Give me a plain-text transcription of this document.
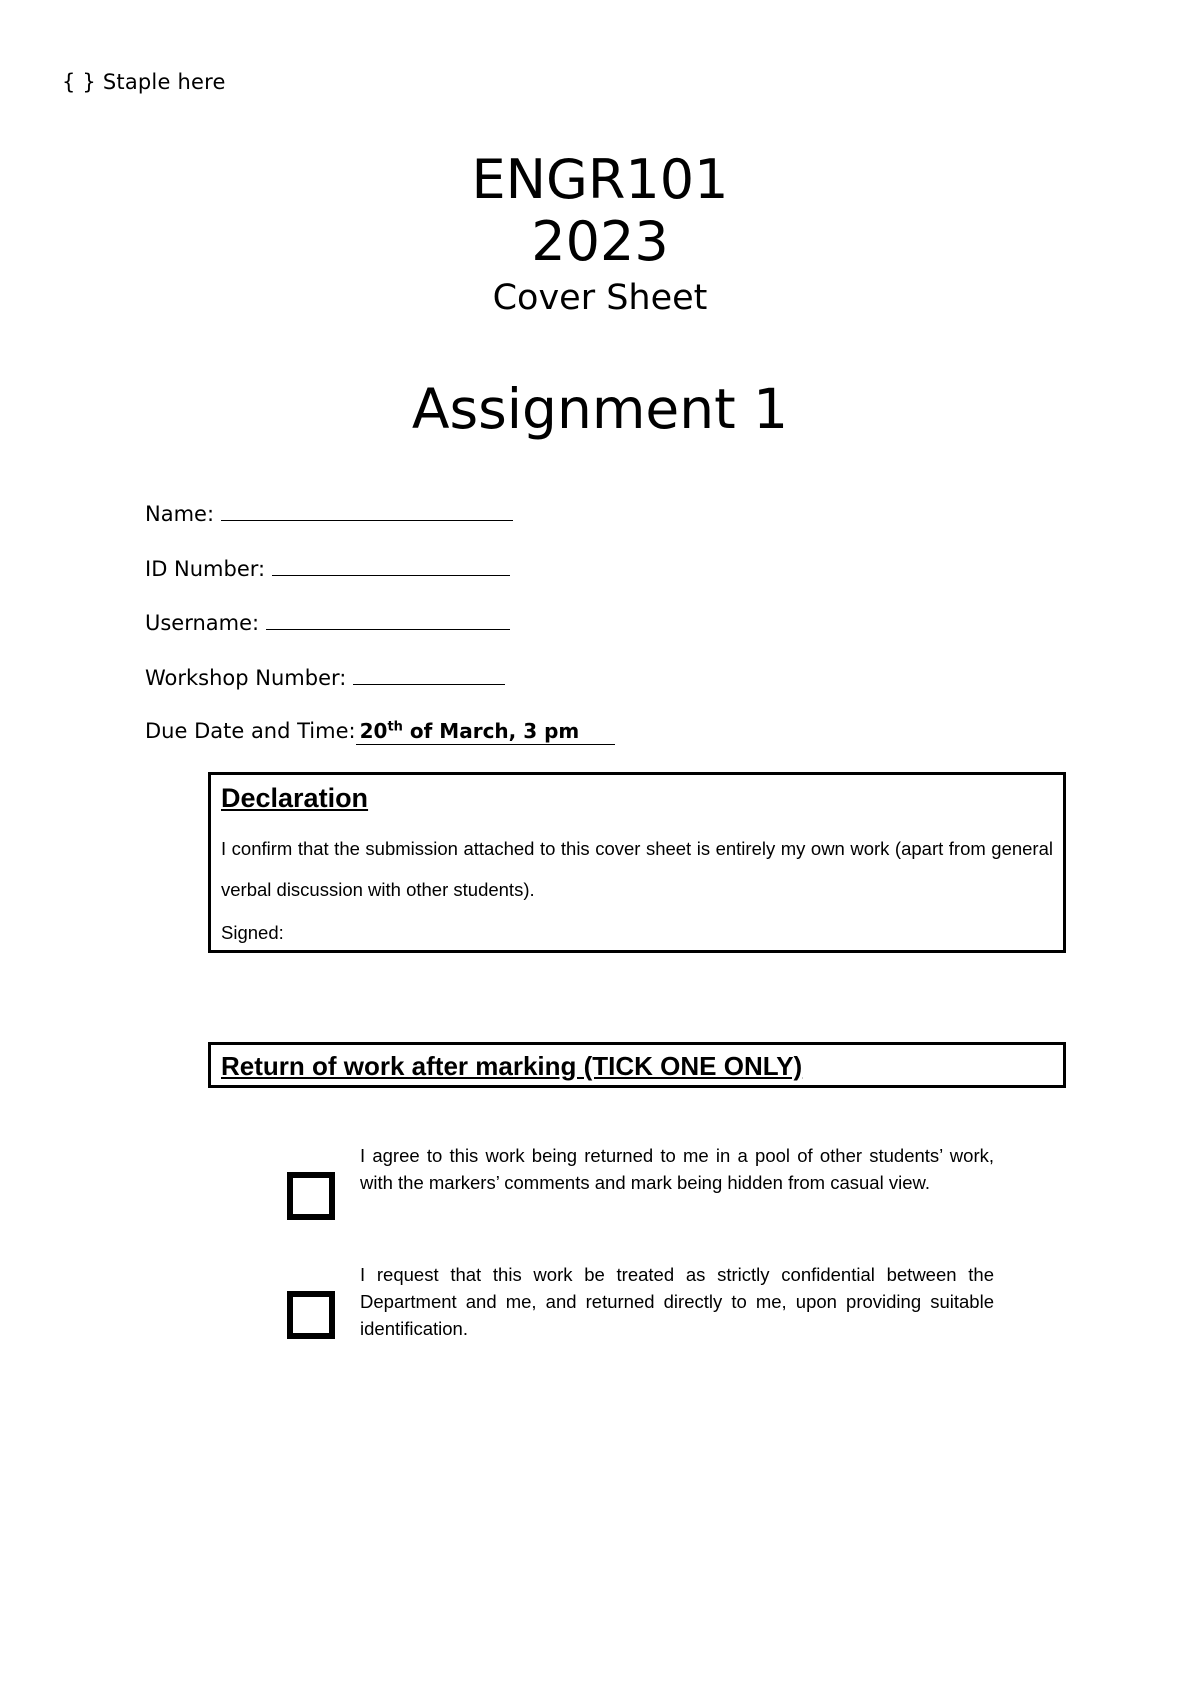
{ } Staple here
ENGR101
2023
Cover Sheet
Assignment 1
Name:
ID Number:
Username:
Workshop Number:
Due Date and Time: 20th of March, 3 pm
Declaration
I confirm that the submission attached to this cover sheet is entirely my own work (apart from general verbal discussion with other students).
Signed:
Return of work after marking (TICK ONE ONLY)
I agree to this work being returned to me in a pool of other students’ work, with the markers’ comments and mark being hidden from casual view.
I request that this work be treated as strictly confidential between the Department and me, and returned directly to me, upon providing suitable identification.
